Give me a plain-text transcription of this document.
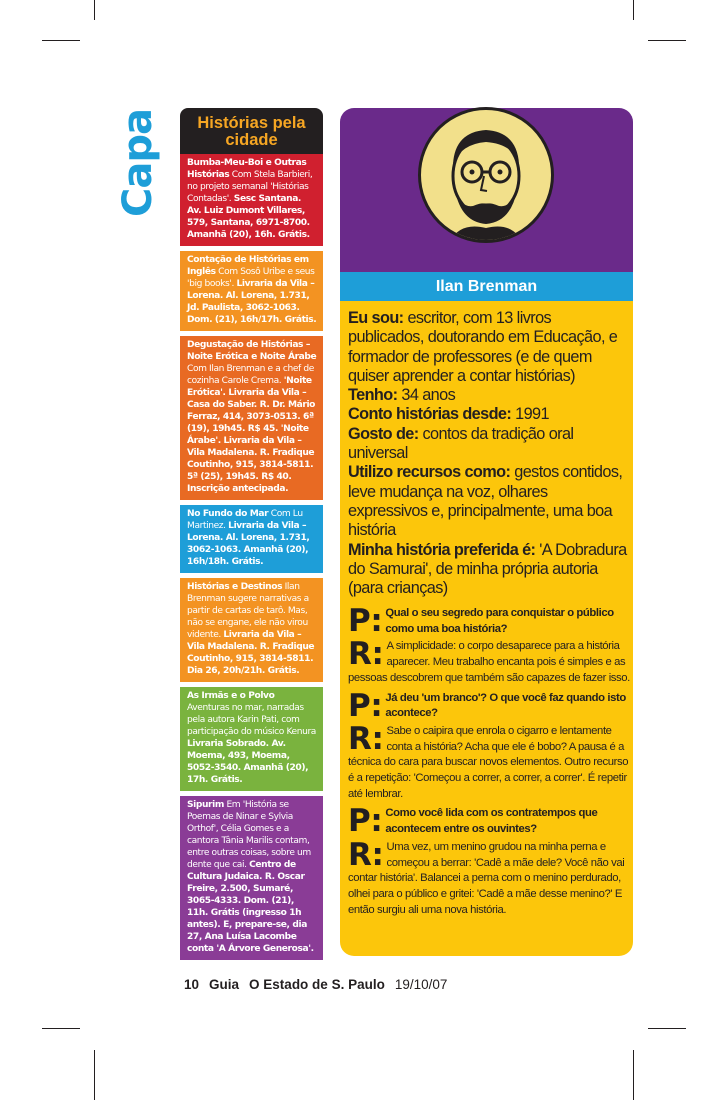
Capa	Histórias pela cidade
Bumba-Meu-Boi e Outras Histórias Com Stela Barbieri, no projeto semanal 'Histórias Contadas'. Sesc Santana. Av. Luiz Dumont Villares, 579, Santana, 6971-8700. Amanhã (20), 16h. Grátis.
Contação de Histórias em Inglês Com Sosô Uribe e seus 'big books'. Livraria da Vila – Lorena. Al. Lorena, 1.731, Jd. Paulista, 3062-1063. Dom. (21), 16h/17h. Grátis.
Degustação de Histórias – Noite Erótica e Noite Árabe Com Ilan Brenman e a chef de cozinha Carole Crema. 'Noite Erótica'. Livraria da Vila – Casa do Saber. R. Dr. Mário Ferraz, 414, 3073-0513. 6ª (19), 19h45. R$ 45. 'Noite Árabe'. Livraria da Vila – Vila Madalena. R. Fradique Coutinho, 915, 3814-5811. 5ª (25), 19h45. R$ 40. Inscrição antecipada.
No Fundo do Mar Com Lu Martinez. Livraria da Vila – Lorena. Al. Lorena, 1.731, 3062-1063. Amanhã (20), 16h/18h. Grátis.
Histórias e Destinos Ilan Brenman sugere narrativas a partir de cartas de tarô. Mas, não se engane, ele não virou vidente. Livraria da Vila – Vila Madalena. R. Fradique Coutinho, 915, 3814-5811. Dia 26, 20h/21h. Grátis.
As Irmãs e o Polvo Aventuras no mar, narradas pela autora Karin Pati, com participação do músico Kenura Livraria Sobrado. Av. Moema, 493, Moema, 5052-3540. Amanhã (20), 17h. Grátis.
Sipurim Em 'História se Poemas de Ninar e Sylvia Orthof', Célia Gomes e a cantora Tânia Marilis contam, entre outras coisas, sobre um dente que cai. Centro de Cultura Judaica. R. Oscar Freire, 2.500, Sumaré, 3065-4333. Dom. (21), 11h. Grátis (ingresso 1h antes). E, prepare-se, dia 27, Ana Luísa Lacombe conta 'A Árvore Generosa'.
Ilan Brenman

Eu sou: escritor, com 13 livros publicados, doutorando em Educação, e formador de professores (e de quem quiser aprender a contar histórias)

Tenho: 34 anos

Conto histórias desde: 1991

Gosto de: contos da tradição oral universal

Utilizo recursos como: gestos contidos, leve mudança na voz, olhares expressivos e, principalmente, uma boa história

Minha história preferida é: 'A Dobradura do Samurai', de minha própria autoria (para crianças)

P: Qual o seu segredo para conquistar o público como uma boa história?

R: A simplicidade: o corpo desaparece para a história aparecer. Meu trabalho encanta pois é simples e as pessoas descobrem que também são capazes de fazer isso.

P: Já deu 'um branco'? O que você faz quando isto acontece?

R: Sabe o caipira que enrola o cigarro e lentamente conta a história? Acha que ele é bobo? A pausa é a técnica do cara para buscar novos elementos. Outro recurso é a repetição: 'Começou a correr, a correr, a correr'. É repetir até lembrar.

P: Como você lida com os contratempos que acontecem entre os ouvintes?

R: Uma vez, um menino grudou na minha perna e começou a berrar: 'Cadê a mãe dele? Você não vai contar história'. Balancei a perna com o menino perdurado, olhei para o público e gritei: 'Cadê a mãe desse menino?' E então surgiu ali uma nova história.

10 Guia O Estado de S. Paulo 19/10/07
